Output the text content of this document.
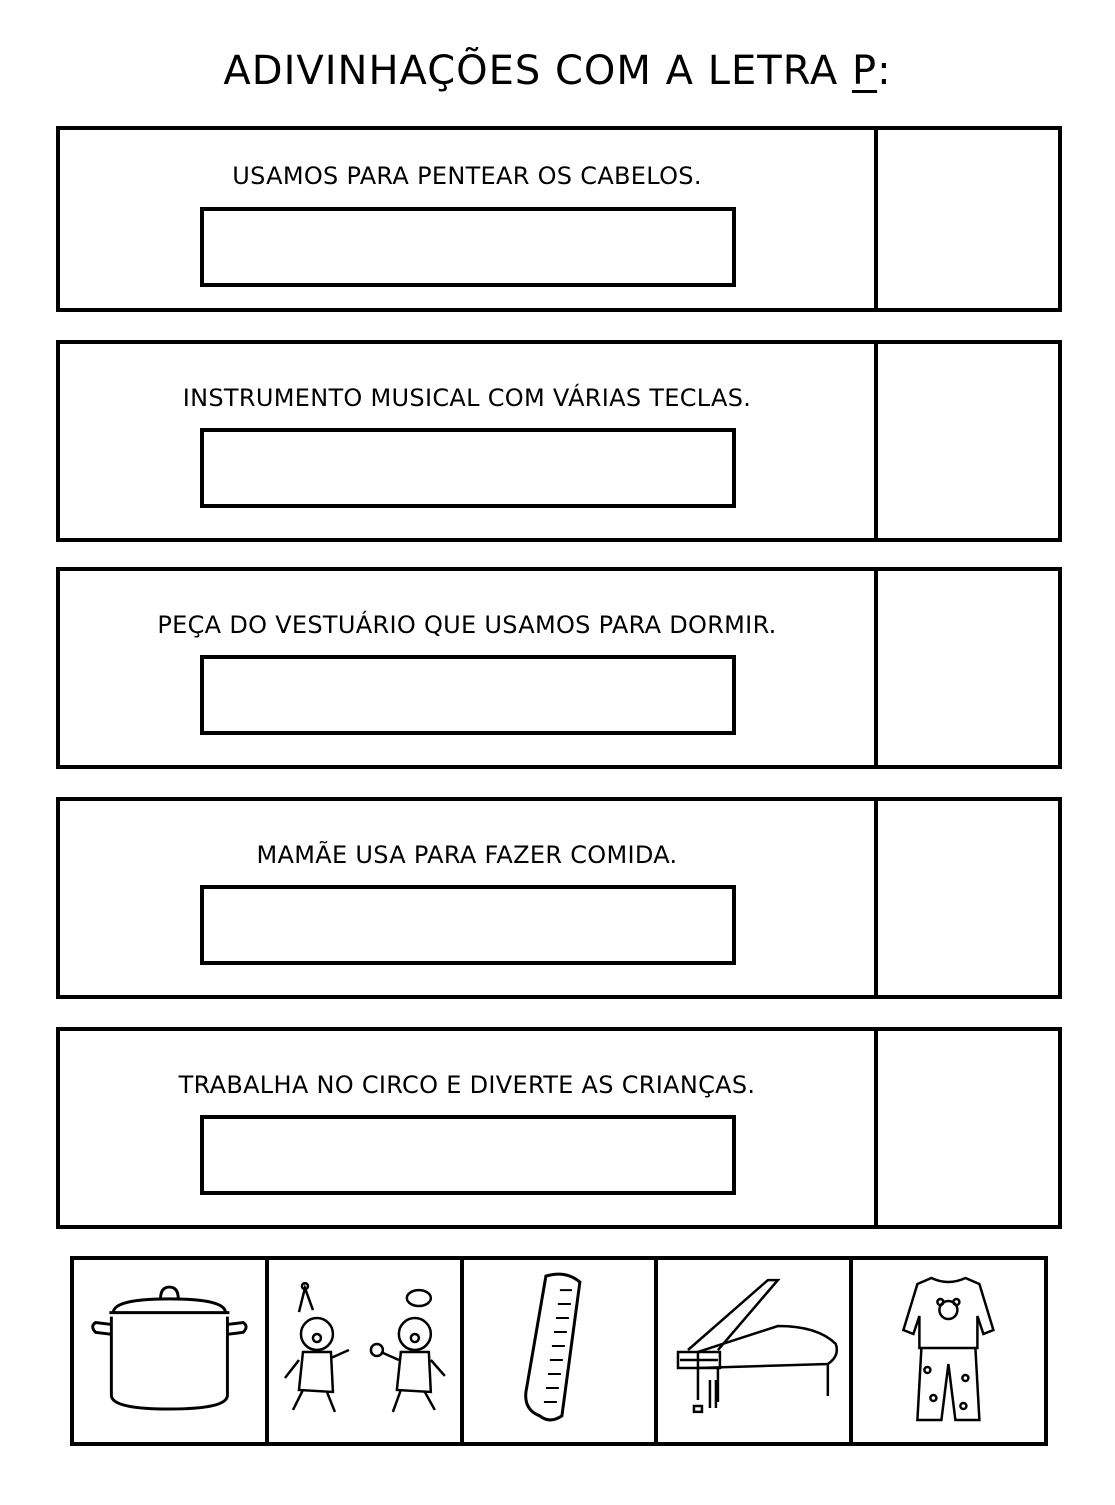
ADIVINHAÇÕES COM A LETRA P:
USAMOS PARA PENTEAR OS CABELOS.
INSTRUMENTO MUSICAL COM VÁRIAS TECLAS.
PEÇA DO VESTUÁRIO QUE USAMOS PARA DORMIR.
MAMÃE USA PARA FAZER COMIDA.
TRABALHA NO CIRCO E DIVERTE AS CRIANÇAS.
